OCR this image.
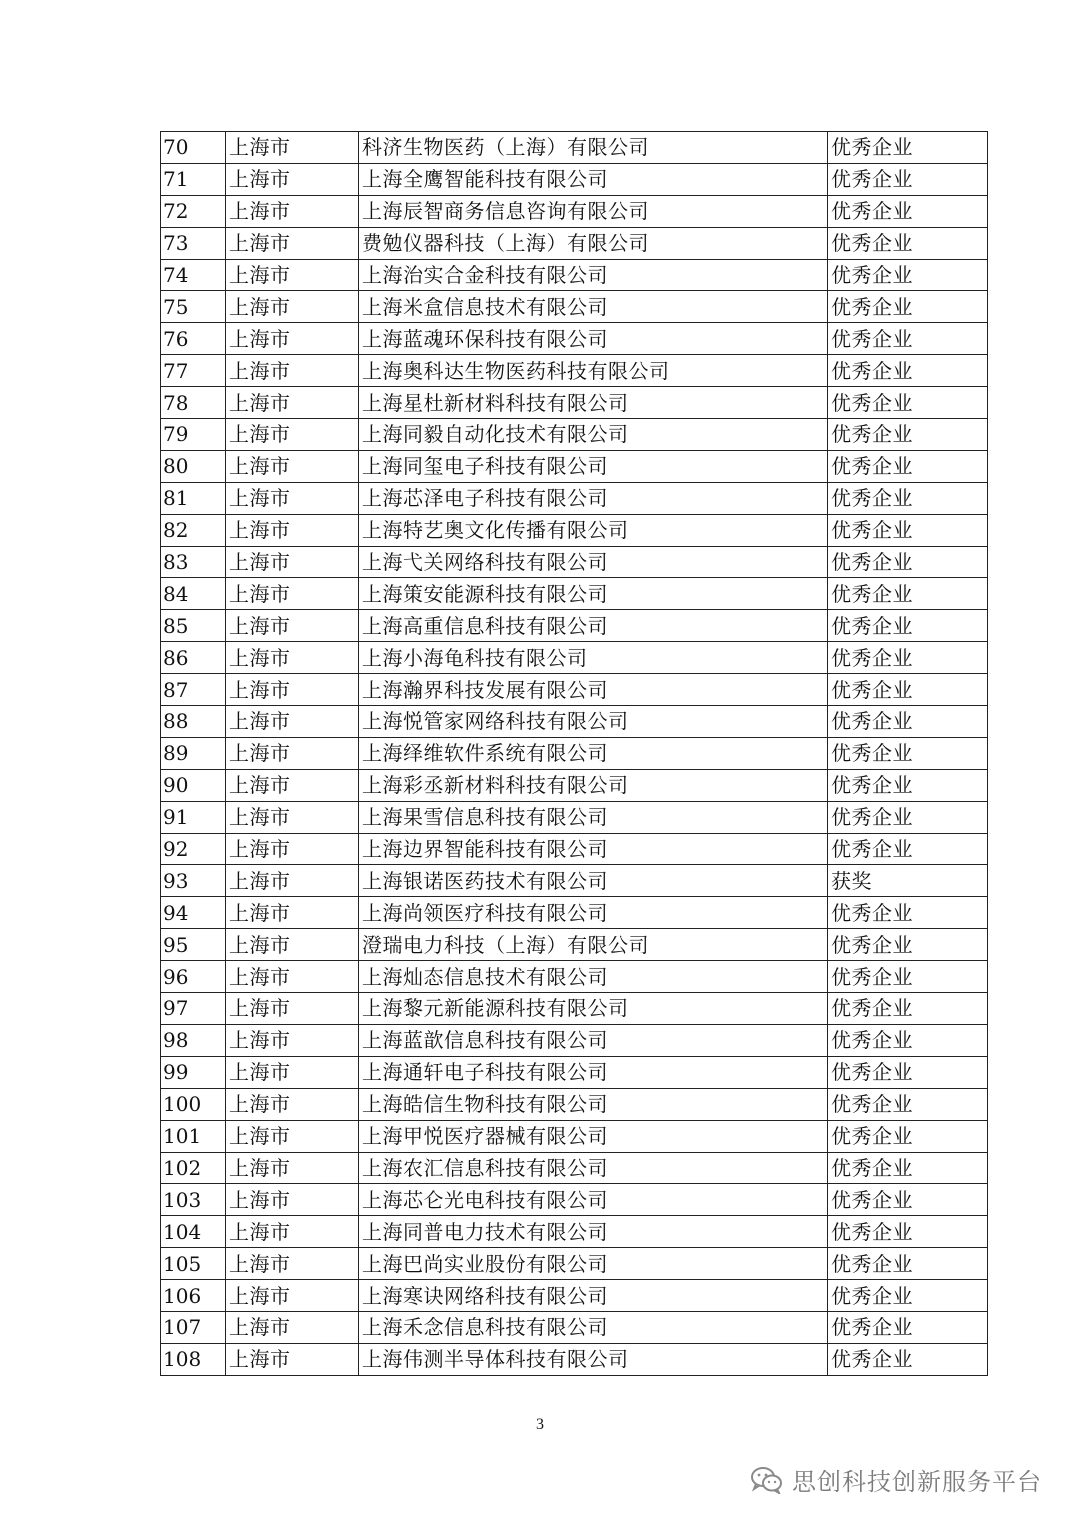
70	上海市	科济生物医药（上海）有限公司	优秀企业
71	上海市	上海全鹰智能科技有限公司	优秀企业
72	上海市	上海辰智商务信息咨询有限公司	优秀企业
73	上海市	费勉仪器科技（上海）有限公司	优秀企业
74	上海市	上海治实合金科技有限公司	优秀企业
75	上海市	上海米盒信息技术有限公司	优秀企业
76	上海市	上海蓝魂环保科技有限公司	优秀企业
77	上海市	上海奥科达生物医药科技有限公司	优秀企业
78	上海市	上海星杜新材料科技有限公司	优秀企业
79	上海市	上海同毅自动化技术有限公司	优秀企业
80	上海市	上海同玺电子科技有限公司	优秀企业
81	上海市	上海芯泽电子科技有限公司	优秀企业
82	上海市	上海特艺奥文化传播有限公司	优秀企业
83	上海市	上海弋关网络科技有限公司	优秀企业
84	上海市	上海策安能源科技有限公司	优秀企业
85	上海市	上海高重信息科技有限公司	优秀企业
86	上海市	上海小海龟科技有限公司	优秀企业
87	上海市	上海瀚界科技发展有限公司	优秀企业
88	上海市	上海悦管家网络科技有限公司	优秀企业
89	上海市	上海绎维软件系统有限公司	优秀企业
90	上海市	上海彩丞新材料科技有限公司	优秀企业
91	上海市	上海果雪信息科技有限公司	优秀企业
92	上海市	上海边界智能科技有限公司	优秀企业
93	上海市	上海银诺医药技术有限公司	获奖
94	上海市	上海尚领医疗科技有限公司	优秀企业
95	上海市	澄瑞电力科技（上海）有限公司	优秀企业
96	上海市	上海灿态信息技术有限公司	优秀企业
97	上海市	上海黎元新能源科技有限公司	优秀企业
98	上海市	上海蓝歆信息科技有限公司	优秀企业
99	上海市	上海通轩电子科技有限公司	优秀企业
100	上海市	上海皓信生物科技有限公司	优秀企业
101	上海市	上海甲悦医疗器械有限公司	优秀企业
102	上海市	上海农汇信息科技有限公司	优秀企业
103	上海市	上海芯仑光电科技有限公司	优秀企业
104	上海市	上海同普电力技术有限公司	优秀企业
105	上海市	上海巴尚实业股份有限公司	优秀企业
106	上海市	上海寒诀网络科技有限公司	优秀企业
107	上海市	上海禾念信息科技有限公司	优秀企业
108	上海市	上海伟测半导体科技有限公司	优秀企业
3
思创科技创新服务平台
